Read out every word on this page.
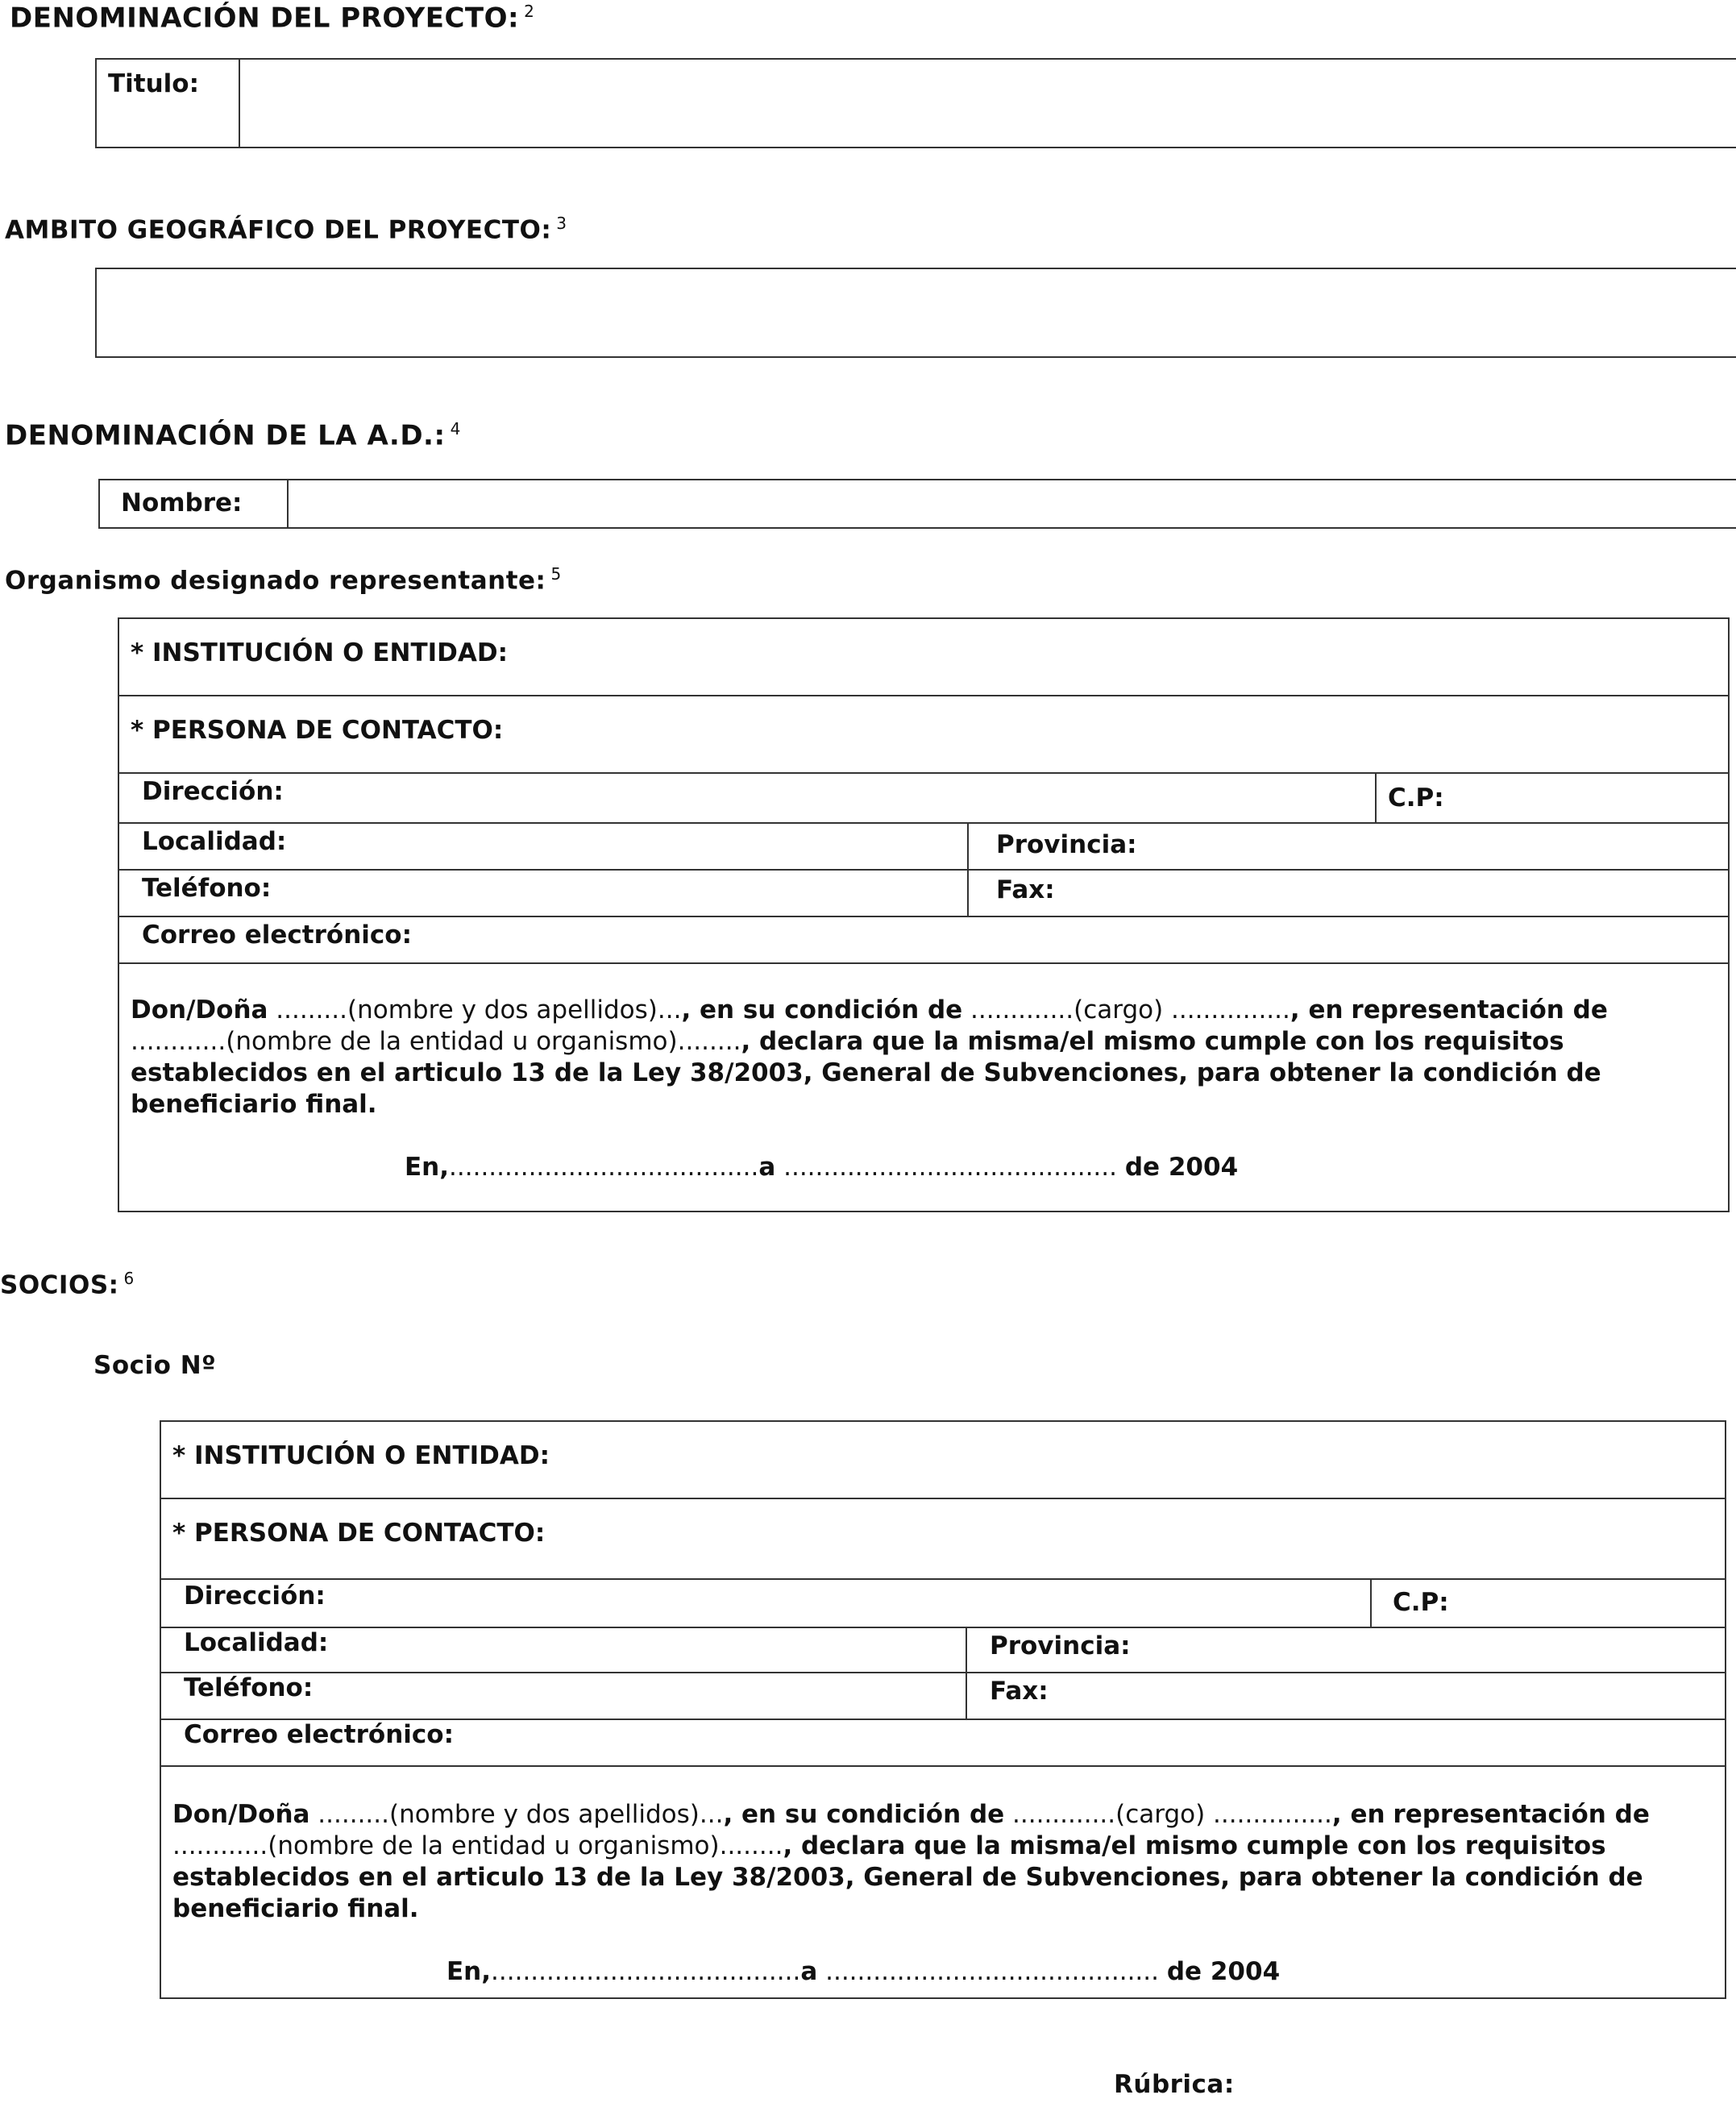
DENOMINACIÓN DEL PROYECTO: $^2$
Titulo:
AMBITO GEOGRÁFICO DEL PROYECTO: $^3$
DENOMINACIÓN DE LA A.D.: $^4$
Nombre:
Organismo designado representante: $^5$
* INSTITUCIÓN O ENTIDAD:
* PERSONA DE CONTACTO:
Dirección:	C.P:
Localidad:	Provincia:
Teléfono:	Fax:
Correo electrónico:
Don/Doña .........(nombre y dos apellidos)..., en su condición de .............(cargo) ..............., en representación de ............(nombre de la entidad u organismo)........, declara que la misma/el mismo cumple con los requisitos establecidos en el articulo 13 de la Ley 38/2003, General de Subvenciones, para obtener la condición de beneficiario final.
En,.......................................a .......................................... de 2004
SOCIOS: $^6$
Socio Nº
* INSTITUCIÓN O ENTIDAD:
* PERSONA DE CONTACTO:
Dirección:	C.P:
Localidad:	Provincia:
Teléfono:	Fax:
Correo electrónico:
Don/Doña .........(nombre y dos apellidos)..., en su condición de .............(cargo) ..............., en representación de ............(nombre de la entidad u organismo)........, declara que la misma/el mismo cumple con los requisitos establecidos en el articulo 13 de la Ley 38/2003, General de Subvenciones, para obtener la condición de beneficiario final.
En,.......................................a .......................................... de 2004
Rúbrica:
